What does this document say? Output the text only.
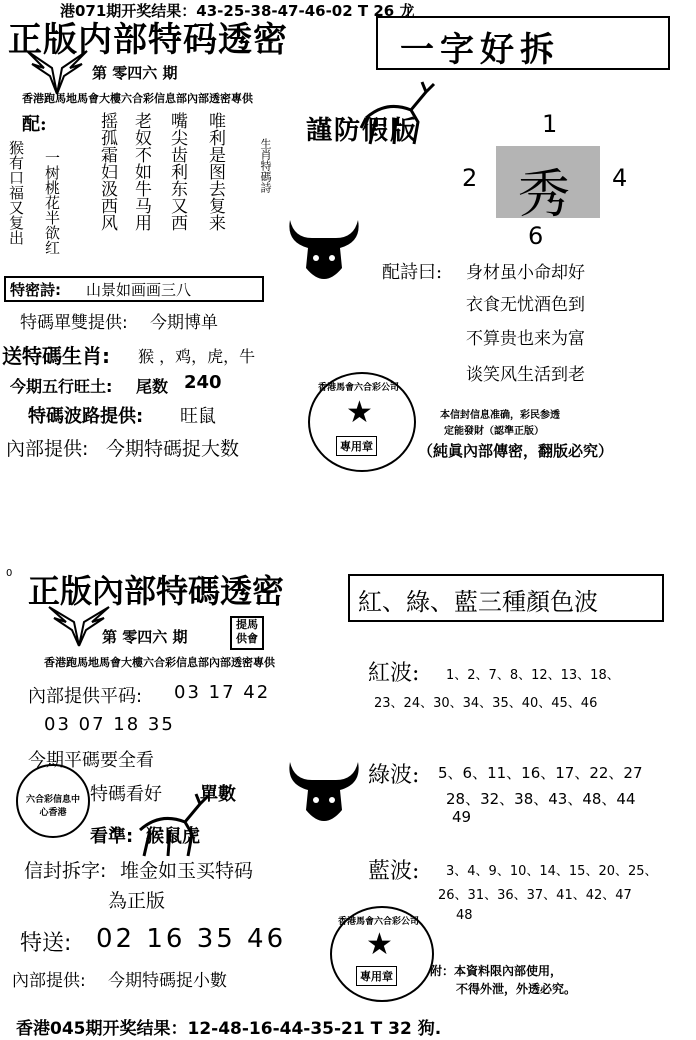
港071期开奖结果：43-25-38-47-46-02 T 26 龙
正版内部特码透密
第 零四六 期
香港跑馬地馬會大樓六合彩信息部內部透密專供
配:
猴有口福又复出 一树桃花半欲红 摇孤霜妇汲西风 老奴不如牛马用 嘴尖齿利东又西 唯利是图去复来	生肖特碼詩
特密詩: 山景如画画三八
特碼單雙提供: 今期博单
送特碼生肖: 猴 ，鸡，虎，牛
今期五行旺土: 尾数 240
特碼波路提供: 旺鼠
內部提供: 今期特碼捉大数
一字好拆
謹防假版	1
2 秀 4
6
配詩曰: 身材虽小命却好
衣食无忧酒色到
不算贵也来为富
谈笑风生活到老
本信封信息准确，彩民参透
定能發財（認準正版）
（純眞內部傳密，翻版必究）
香港馬會六合彩公司
★
專用章
0 正版內部特碼透密
第 零四六 期
提馬供會
香港跑馬地馬會大樓六合彩信息部內部透密專供
內部提供平码: 03 17 42
03 07 18 35
今期平碼要全看
六合彩信息中心香港
特碼看好 單數
看準: 猴鼠虎
信封拆字: 堆金如玉买特码
為正版
特送: 02 16 35 46
內部提供: 今期特碼捉小數
紅、綠、藍三種顏色波
紅波: 1、2、7、8、12、13、18、
23、24、30、34、35、40、45、46
綠波: 5、6、11、16、17、22、27
28、32、38、43、48、44
49
藍波: 3、4、9、10、14、15、20、25、
26、31、36、37、41、42、47
48
香港馬會六合彩公司
★
專用章	附：本資料限內部使用，
不得外泄，外透必究。
香港045期开奖结果：12-48-16-44-35-21 T 32 狗.
